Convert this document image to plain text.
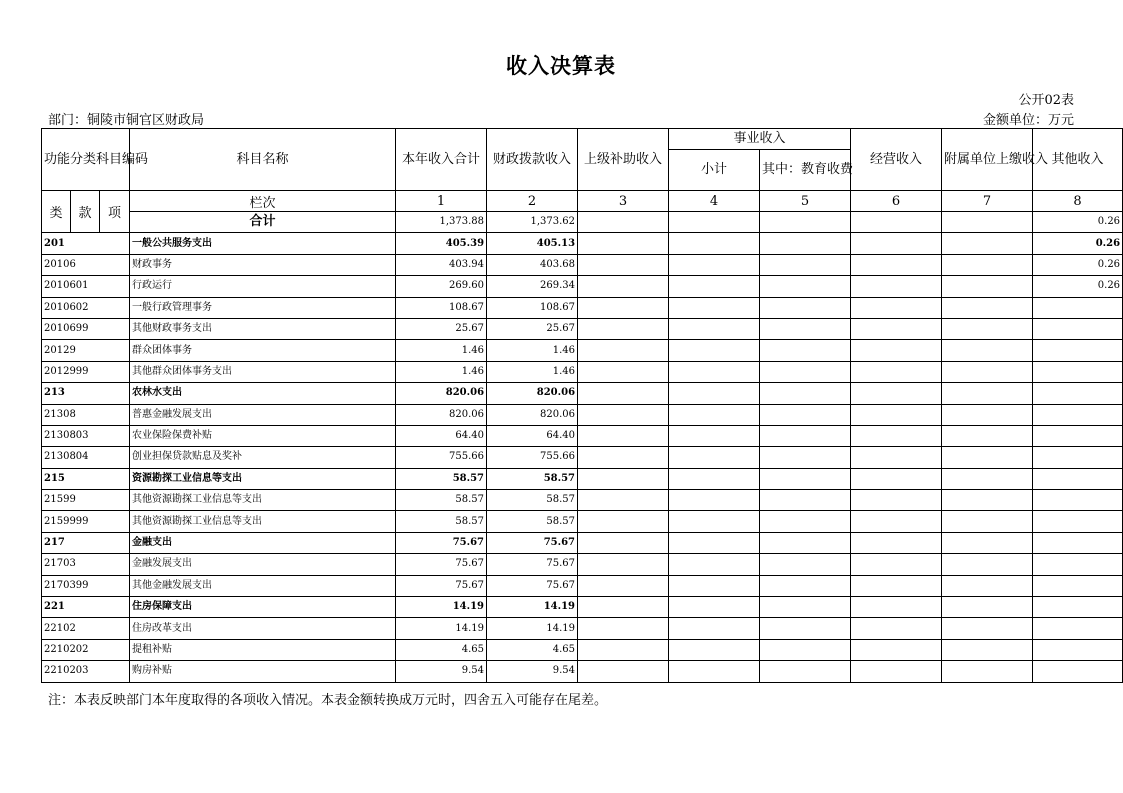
收入决算表
公开02表
部门：铜陵市铜官区财政局	金额单位：万元
功能分类科目编码			科目名称	本年收入合计	财政拨款收入	上级补助收入	事业收入		经营收入	附属单位上缴收入	其他收入
							小计	其中：教育收费			
类	款	项	栏次	1	2	3	4	5	6	7	8
			合计	1,373.88	1,373.62						0.26
201			一般公共服务支出	405.39	405.13						0.26
20106			财政事务	403.94	403.68						0.26
2010601			行政运行	269.60	269.34						0.26
2010602			一般行政管理事务	108.67	108.67						
2010699			其他财政事务支出	25.67	25.67						
20129			群众团体事务	1.46	1.46						
2012999			其他群众团体事务支出	1.46	1.46						
213			农林水支出	820.06	820.06						
21308			普惠金融发展支出	820.06	820.06						
2130803			农业保险保费补贴	64.40	64.40						
2130804			创业担保贷款贴息及奖补	755.66	755.66						
215			资源勘探工业信息等支出	58.57	58.57						
21599			其他资源勘探工业信息等支出	58.57	58.57						
2159999			其他资源勘探工业信息等支出	58.57	58.57						
217			金融支出	75.67	75.67						
21703			金融发展支出	75.67	75.67						
2170399			其他金融发展支出	75.67	75.67						
221			住房保障支出	14.19	14.19						
22102			住房改革支出	14.19	14.19						
2210202			提租补贴	4.65	4.65						
2210203			购房补贴	9.54	9.54						
注：本表反映部门本年度取得的各项收入情况。本表金额转换成万元时，四舍五入可能存在尾差。
